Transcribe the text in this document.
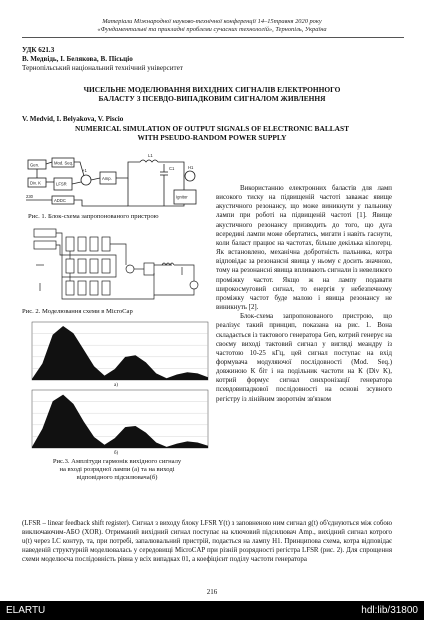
Матеріали Міжнародної науково-технічної конференції 14–15травня 2020 року
«Фундаментальні та прикладні проблеми сучасних технологій», Тернопіль, Україна
УДК 621.3
В. Медвідь, І. Белякова, В. Пісьціо
Тернопільський національний технічний університет
ЧИСЕЛЬНЕ МОДЕЛЮВАННЯ ВИХІДНИХ СИГНАЛІВ ЕЛЕКТРОННОГО
БАЛАСТУ З ПСЕВДО-ВИПАДКОВИМ СИГНАЛОМ ЖИВЛЕННЯ
V. Medvid, I. Belyakova, V. Piscio
NUMERICAL SIMULATION OF OUTPUT SIGNALS OF ELECTRONIC BALLAST
WITH PSEUDO-RANDOM POWER SUPPLY
Gen.	Mod. Seq.
Div. K	LFSR
Amp.
ADDC
Ignitor
L1
H1
C1
+1
230
Рис. 1. Блок-схема запропонованого пристрою
Рис. 2. Моделювання схеми в MicroCap
а)
б)
Рис.3. Амплітуди гармонік вихідного сигналу
на вході розрядної лампи (а) та на виході
відповідного підсилювача(б)

Використанню електронних баластів для ламп високого тиску на підвищеній частоті заважає явище акустичного резонансу, що може виникнути у пальнику лампи при роботі на підвищеній частоті [1]. Явище акустичного резонансу призводить до того, що дуга всередині лампи може обертатись, мигати і навіть гаснути, коли баласт працює на частотах, більше декілька кілогерц. Як встановлено, механічна добротність пальника, котра відповідає за резонансні явища у ньому є досить значною, тому на резонансні явища впливають сигнали із невеликого проміжку частот. Якщо ж на лампу подавати широкосмуговий сигнал, то енергія у небезпечному проміжку частот буде малою і явища резонансу не виникнуть [2].

Блок-схема запропонованого пристрою, що реалізує такий принцип, показана на рис. 1. Вона складається із тактового генератора Gen, котрий генерує на своєму виході тактовий сигнал у вигляді меандру із частотою 10-25 кГц, цей сигнал поступає на вхід формувача модуляючої послідовності (Mod. Seq.) довжиною К біт і на подільник частоти на К (Div K), котрий формує сигнал синхронізації генератора псевдовипадкової послідовності на основі зсувного регістру із лінійним зворотнім зв'язком

(LFSR – linear feedback shift register). Сигнал з виходу блоку LFSR Y(t) з заповненою ним сигнал g(t) об'єднуються між собою виключаючим-АБО (XOR). Отриманий вихідний сигнал поступає на ключовий підсилювач Amp., вихідний сигнал котрого u(t) через LC контур, та, при потребі, запалювальний пристрій, подається на лампу H1. Принципова схема, котра відповідає наведеній структурній моделювалась у середовищі MicroCAP при різній розрядності регістра LFSR (рис. 2). Для спрощення схеми моделюєча послідовність рівна у всіх випадках 01, а коефіцієнт поділу частоти генератора
216
ELARTU	hdl:lib/31800
